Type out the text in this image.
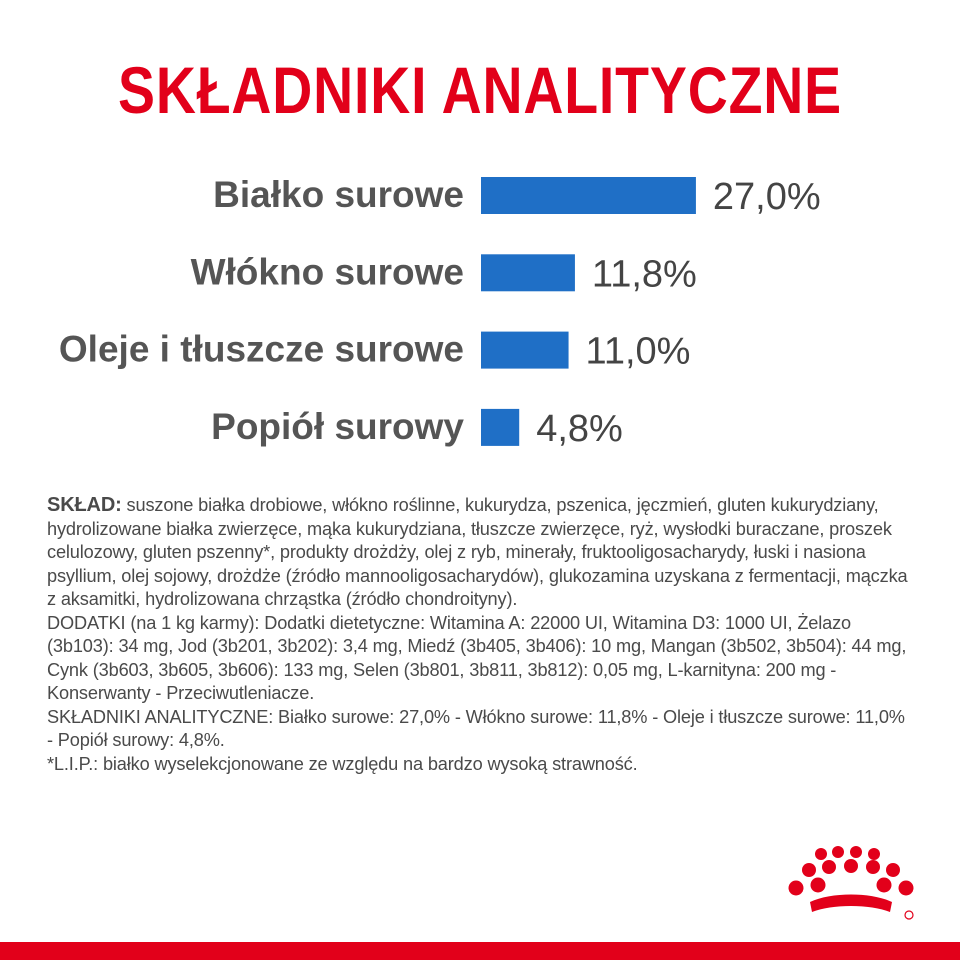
SKŁADNIKI ANALITYCZNE
Białko surowe	27,0%
Włókno surowe	11,8%
Oleje i tłuszcze surowe	11,0%
Popiół surowy 4,8%

SKŁAD: suszone białka drobiowe, włókno roślinne, kukurydza, pszenica, jęczmień, gluten kukurydziany, hydrolizowane białka zwierzęce, mąka kukurydziana, tłuszcze zwierzęce, ryż, wysłodki buraczane, proszek celulozowy, gluten pszenny*, produkty drożdży, olej z ryb, minerały, fruktooligosacharydy, łuski i nasiona psyllium, olej sojowy, drożdże (źródło mannooligosacharydów), glukozamina uzyskana z fermentacji, mączka z aksamitki, hydrolizowana chrząstka (źródło chondroityny).

DODATKI (na 1 kg karmy): Dodatki dietetyczne: Witamina A: 22000 UI, Witamina D3: 1000 UI, Żelazo (3b103): 34 mg, Jod (3b201, 3b202): 3,4 mg, Miedź (3b405, 3b406): 10 mg, Mangan (3b502, 3b504): 44 mg, Cynk (3b603, 3b605, 3b606): 133 mg, Selen (3b801, 3b811, 3b812): 0,05 mg, L-karnityna: 200 mg - Konserwanty - Przeciwutleniacze.

SKŁADNIKI ANALITYCZNE: Białko surowe: 27,0% - Włókno surowe: 11,8% - Oleje i tłuszcze surowe: 11,0% - Popiół surowy: 4,8%.

*L.I.P.: białko wyselekcjonowane ze względu na bardzo wysoką strawność.
